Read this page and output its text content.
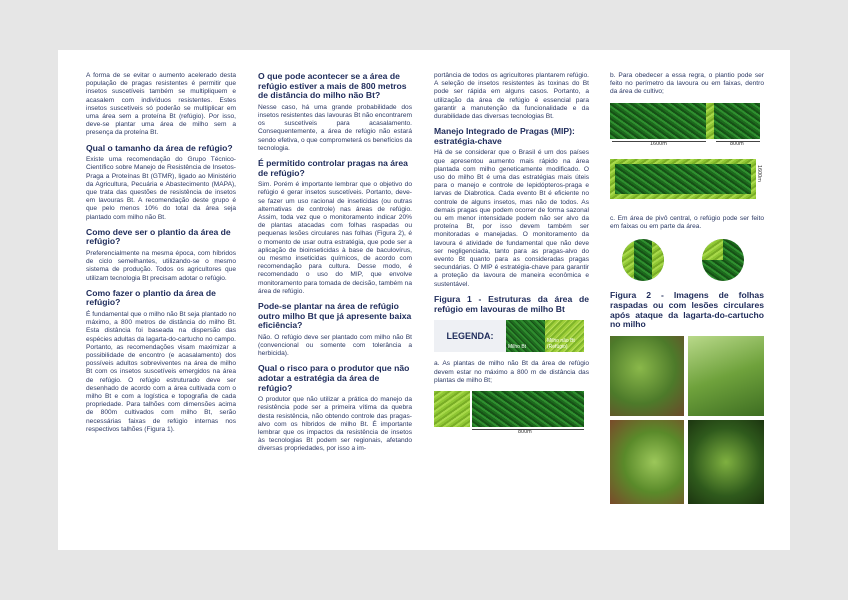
A forma de se evitar o aumento acelerado desta população de pragas resistentes é permitir que insetos suscetíveis também se multipliquem e acasalem com indivíduos resistentes. Estes insetos suscetíveis só poderão se multiplicar em uma área sem a proteína Bt (refúgio). Por isso, deve-se plantar uma área de milho sem a presença da proteína Bt.

Qual o tamanho da área de refúgio?

Existe uma recomendação do Grupo Técnico-Científico sobre Manejo de Resistência de Insetos-Praga a Proteínas Bt (GTMR), ligado ao Ministério da Agricultura, Pecuária e Abastecimento (MAPA), que trata das questões de resistência de insetos em lavouras Bt. A recomendação deste grupo é que pelo menos 10% do total da área seja plantado com milho não Bt.

Como deve ser o plantio da área de refúgio?

Preferencialmente na mesma época, com híbridos de ciclo semelhantes, utilizando-se o mesmo sistema de produção. Todos os agricultores que utilizam tecnologia Bt precisam adotar o refúgio.

Como fazer o plantio da área de refúgio?

É fundamental que o milho não Bt seja plantado no máximo, a 800 metros de distância do milho Bt. Esta distância foi baseada na dispersão das espécies adultas da lagarta-do-cartucho no campo. Portanto, as recomendações visam maximizar a possibilidade de encontro (e acasalamento) dos possíveis adultos sobreviventes na área de milho Bt com os insetos suscetíveis emergidos na área de refúgio. O refúgio estruturado deve ser desenhado de acordo com a área cultivada com o milho Bt e com a logística e topografia de cada propriedade. Para talhões com dimensões acima de 800m cultivados com milho Bt, serão necessárias faixas de refúgio internas nos respectivos talhões (Figura 1).

O que pode acontecer se a área de refúgio estiver a mais de 800 metros de distância do milho não Bt?

Nesse caso, há uma grande probabilidade dos insetos resistentes das lavouras Bt não encontrarem os suscetíveis para acasalamento. Consequentemente, a área de refúgio não estará sendo efetiva, o que comprometerá os benefícios da tecnologia.

É permitido controlar pragas na área de refúgio?

Sim. Porém é importante lembrar que o objetivo do refúgio é gerar insetos suscetíveis. Portanto, deve-se fazer um uso racional de inseticidas (ou outras alternativas de controle) nas áreas de refúgio. Assim, toda vez que o monitoramento indicar 20% de plantas atacadas com folhas raspadas ou pequenas lesões circulares nas folhas (Figura 2), é o momento de usar outra estratégia, que pode ser a aplicação de bioinseticidas à base de baculovírus, ou mesmo inseticidas químicos, de acordo com recomendação para cultura. Desse modo, é recomendado o uso do MIP, que envolve monitoramento para tomada de decisão, também na área de refúgio.

Pode-se plantar na área de refúgio outro milho Bt que já apresente baixa eficiência?

Não. O refúgio deve ser plantado com milho não Bt (convencional ou somente com tolerância a herbicida).

Qual o risco para o produtor que não adotar a estratégia da área de refúgio?

O produtor que não utilizar a prática do manejo da resistência pode ser a primeira vítima da quebra desta resistência, não obtendo controle das pragas-alvo com os híbridos de milho Bt. É importante lembrar que os impactos da resistência de insetos às tecnologias Bt podem ser regionais, afetando diversas propriedades, por isso a im-

portância de todos os agricultores plantarem refúgio. A seleção de insetos resistentes às toxinas do Bt pode ser rápida em alguns casos. Portanto, a utilização da área de refúgio é essencial para garantir a manutenção da funcionalidade e da durabilidade das diversas tecnologias Bt.

Manejo Integrado de Pragas (MIP): estratégia-chave

Há de se considerar que o Brasil é um dos países que apresentou aumento mais rápido na área plantada com milho geneticamente modificado. O uso do milho Bt é uma das estratégias mais úteis para o manejo e controle de lepidópteros-praga e larvas de Diabrotica. Cada evento Bt é eficiente no controle de alguns insetos, mas não de todos. As demais pragas que podem ocorrer de forma sazonal ou em menor intensidade podem não ser alvo da proteína Bt, por isso devem também ser monitoradas e manejadas. O monitoramento da lavoura é atividade de fundamental que não deve ser negligenciada, tanto para as pragas-alvo do evento Bt quanto para as consideradas pragas secundárias. O MIP é estratégia-chave para garantir a proteção da lavoura de maneira econômica e sustentável.

Figura 1 - Estruturas da área de refúgio em lavouras de milho Bt

LEGENDA:
Milho Bt
Milho não Bt (Refúgio)

a. As plantas de milho não Bt da área de refúgio devem estar no máximo a 800 m de distância das plantas de milho Bt;

800m

b. Para obedecer a essa regra, o plantio pode ser feito no perímetro da lavoura ou em faixas, dentro da área de cultivo;

1600m	800m
1600m

c. Em área de pivô central, o refúgio pode ser feito em faixas ou em parte da área.

Figura 2 - Imagens de folhas raspadas ou com lesões circulares após ataque da lagarta-do-cartucho no milho
